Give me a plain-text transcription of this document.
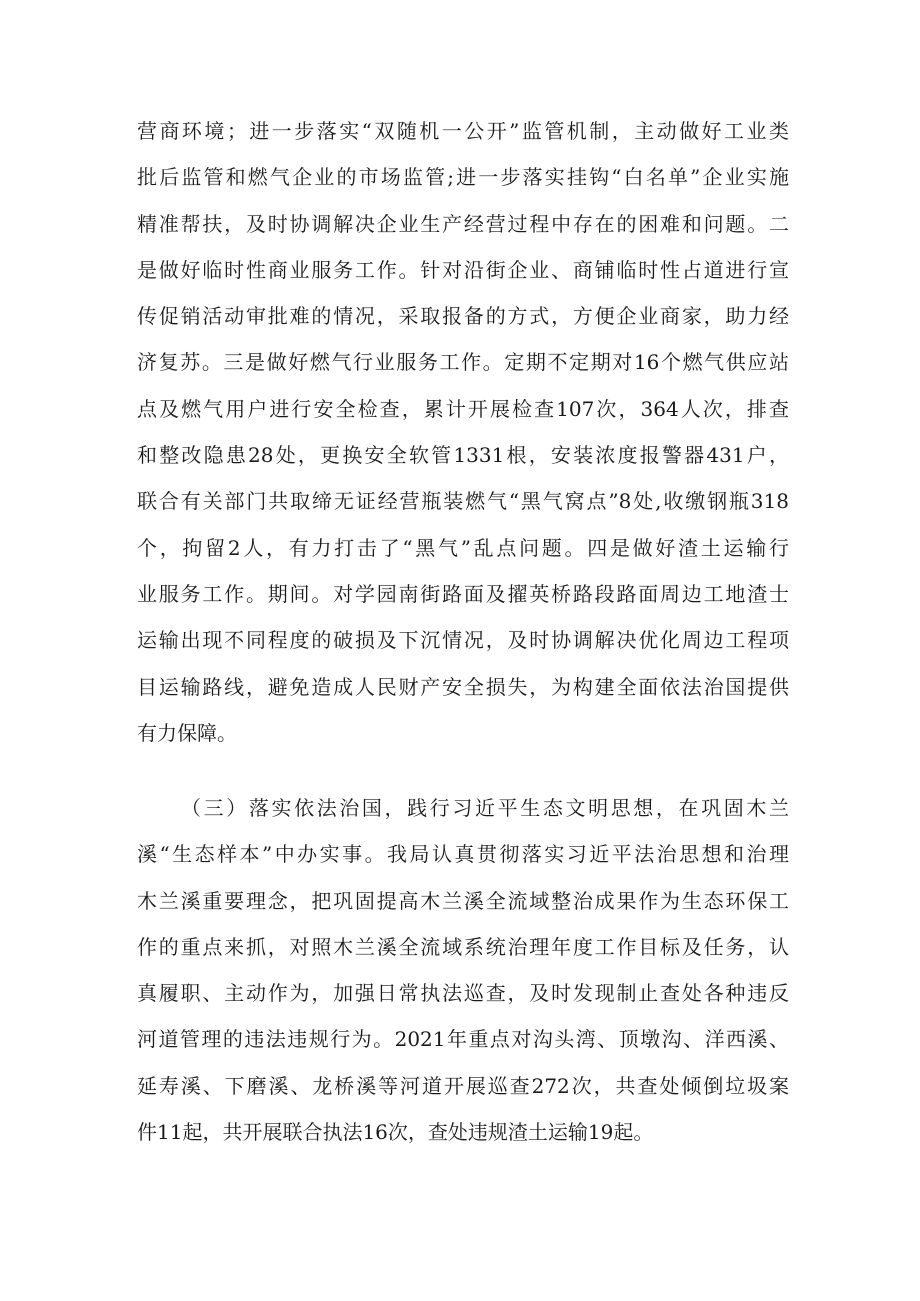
营商环境；进一步落实“双随机一公开”监管机制，主动做好工业类
批后监管和燃气企业的市场监管;进一步落实挂钩“白名单”企业实施
精准帮扶，及时协调解决企业生产经营过程中存在的困难和问题。二
是做好临时性商业服务工作。针对沿街企业、商铺临时性占道进行宣
传促销活动审批难的情况，采取报备的方式，方便企业商家，助力经
济复苏。三是做好燃气行业服务工作。定期不定期对16个燃气供应站
点及燃气用户进行安全检查，累计开展检查107次，364人次，排查
和整改隐患28处，更换安全软管1331根，安装浓度报警器431户，
联合有关部门共取缔无证经营瓶装燃气“黑气窝点”8处,收缴钢瓶318
个，拘留2人，有力打击了“黑气”乱点问题。四是做好渣土运输行
业服务工作。期间。对学园南街路面及擢英桥路段路面周边工地渣士
运输出现不同程度的破损及下沉情况，及时协调解决优化周边工程项
目运输路线，避免造成人民财产安全损失，为构建全面依法治国提供
有力保障。
（三）落实依法治国，践行习近平生态文明思想，在巩固木兰
溪“生态样本”中办实事。我局认真贯彻落实习近平法治思想和治理
木兰溪重要理念，把巩固提高木兰溪全流域整治成果作为生态环保工
作的重点来抓，对照木兰溪全流域系统治理年度工作目标及任务，认
真履职、主动作为，加强日常执法巡查，及时发现制止查处各种违反
河道管理的违法违规行为。2021年重点对沟头湾、顶墩沟、洋西溪、
延寿溪、下磨溪、龙桥溪等河道开展巡查272次，共查处倾倒垃圾案
件11起，共开展联合执法16次，查处违规渣土运输19起。
